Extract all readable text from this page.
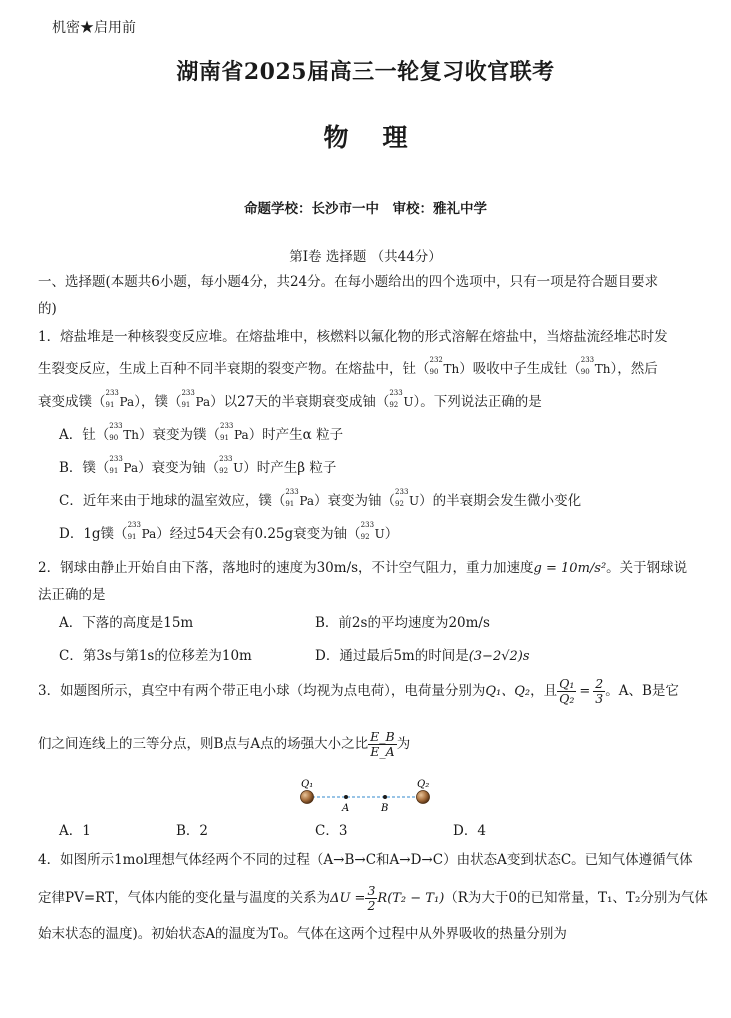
机密★启用前
湖南省2025届高三一轮复习收官联考
物理
命题学校：长沙市一中　审校：雅礼中学
第Ⅰ卷 选择题 （共44分）
一、选择题(本题共6小题，每小题4分，共24分。在每小题给出的四个选项中，只有一项是符合题目要求
的)
1．熔盐堆是一种核裂变反应堆。在熔盐堆中，核燃料以氟化物的形式溶解在熔盐中，当熔盐流经堆芯时发
生裂变反应，生成上百种不同半衰期的裂变产物。在熔盐中，钍（
232
90 Th）吸收中子生成钍（
233
90 Th），然后
衰变成镤（
233
91 Pa），镤（
233
91 Pa）以27天的半衰期衰变成铀（
233
92 U）。下列说法正确的是
A．钍（
233
90 Th）衰变为镤（
233
91 Pa）时产生α 粒子
B．镤（
233
91 Pa）衰变为铀（
233
92 U）时产生β 粒子
C．近年来由于地球的温室效应，镤（
233
91 Pa）衰变为铀（
233
92 U）的半衰期会发生微小变化
D．1g镤（
233
91 Pa）经过54天会有0.25g衰变为铀（
233
92 U）
2．钢球由静止开始自由下落，落地时的速度为30m/s，不计空气阻力，重力加速度g = 10m/s²。关于钢球说
法正确的是
A．下落的高度是15m	B．前2s的平均速度为20m/s
C．第3s与第1s的位移差为10m	D．通过最后5m的时间是(3−2√2)s
3．如题图所示，真空中有两个带正电小球（均视为点电荷），电荷量分别为Q₁、Q₂，且 $\frac{\text{Q₁}}{\text{Q₂}} = \frac{2}{3}$ 。A、B是它
们之间连线上的三等分点，则B点与A点的场强大小之比 $\frac{E\_B}{E\_A}$ 为
Q₁	Q₂
A	B
A．1	B．2	C．3	D．4
4．如图所示1mol理想气体经两个不同的过程（A→B→C和A→D→C）由状态A变到状态C。已知气体遵循气体
定律PV=RT，气体内能的变化量与温度的关系为$\Delta U = \frac{3}{2} R(T_2 - T_1)(R$为大于0的已知常量，T₁、T₂分别为气体
始末状态的温度)。初始状态A的温度为T₀。气体在这两个过程中从外界吸收的热量分别为
